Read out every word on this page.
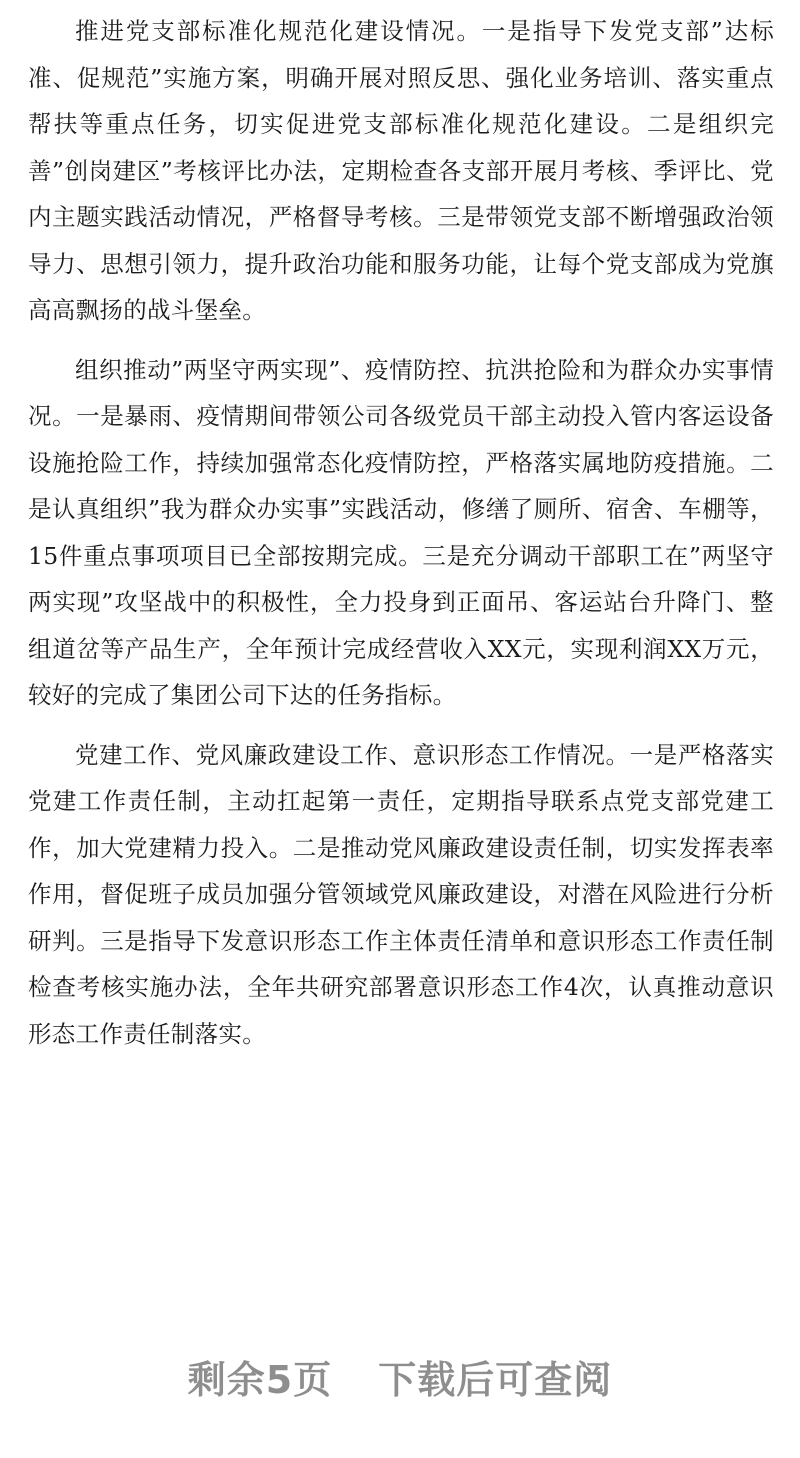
推进党支部标准化规范化建设情况。一是指导下发党支部”达标准、促规范”实施方案，明确开展对照反思、强化业务培训、落实重点帮扶等重点任务，切实促进党支部标准化规范化建设。二是组织完善”创岗建区”考核评比办法，定期检查各支部开展月考核、季评比、党内主题实践活动情况，严格督导考核。三是带领党支部不断增强政治领导力、思想引领力，提升政治功能和服务功能，让每个党支部成为党旗高高飘扬的战斗堡垒。

组织推动”两坚守两实现”、疫情防控、抗洪抢险和为群众办实事情况。一是暴雨、疫情期间带领公司各级党员干部主动投入管内客运设备设施抢险工作，持续加强常态化疫情防控，严格落实属地防疫措施。二是认真组织”我为群众办实事”实践活动，修缮了厕所、宿舍、车棚等，15件重点事项项目已全部按期完成。三是充分调动干部职工在”两坚守两实现”攻坚战中的积极性，全力投身到正面吊、客运站台升降门、整组道岔等产品生产，全年预计完成经营收入XX元，实现利润XX万元，较好的完成了集团公司下达的任务指标。

党建工作、党风廉政建设工作、意识形态工作情况。一是严格落实党建工作责任制，主动扛起第一责任，定期指导联系点党支部党建工作，加大党建精力投入。二是推动党风廉政建设责任制，切实发挥表率作用，督促班子成员加强分管领域党风廉政建设，对潜在风险进行分析研判。三是指导下发意识形态工作主体责任清单和意识形态工作责任制检查考核实施办法，全年共研究部署意识形态工作4次，认真推动意识形态工作责任制落实。

剩余5页 下载后可查阅
